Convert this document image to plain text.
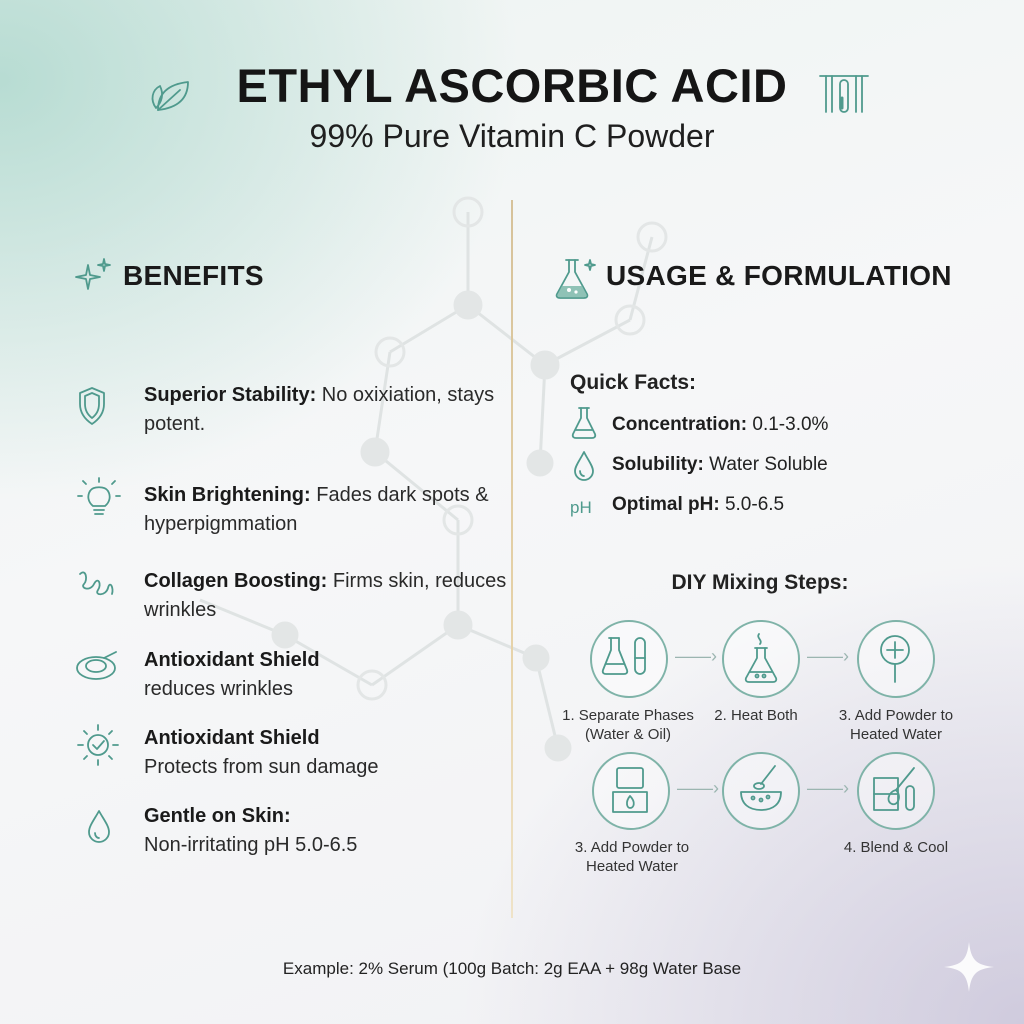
ETHYL ASCORBIC ACID
99% Pure Vitamin C Powder
BENEFITS
Superior Stability: No oxixiation, stays potent.
Skin Brightening: Fades dark spots & hyperpigmmation
Collagen Boosting: Firms skin, reduces wrinkles
Antioxidant Shield
reduces wrinkles
Antioxidant Shield
Protects from sun damage
Gentle on Skin:
Non-irritating pH 5.0-6.5
USAGE & FORMULATION
Quick Facts:
Concentration: 0.1-3.0%
Solubility: Water Soluble
pH Optimal pH: 5.0-6.5
DIY Mixing Steps:
——›	——›
1. Separate Phases
(Water & Oil)
2. Heat Both	3. Add Powder to
Heated Water
——›	——›
3. Add Powder to
Heated Water
4. Blend & Cool

Example: 2% Serum (100g Batch: 2g EAA + 98g Water Base
